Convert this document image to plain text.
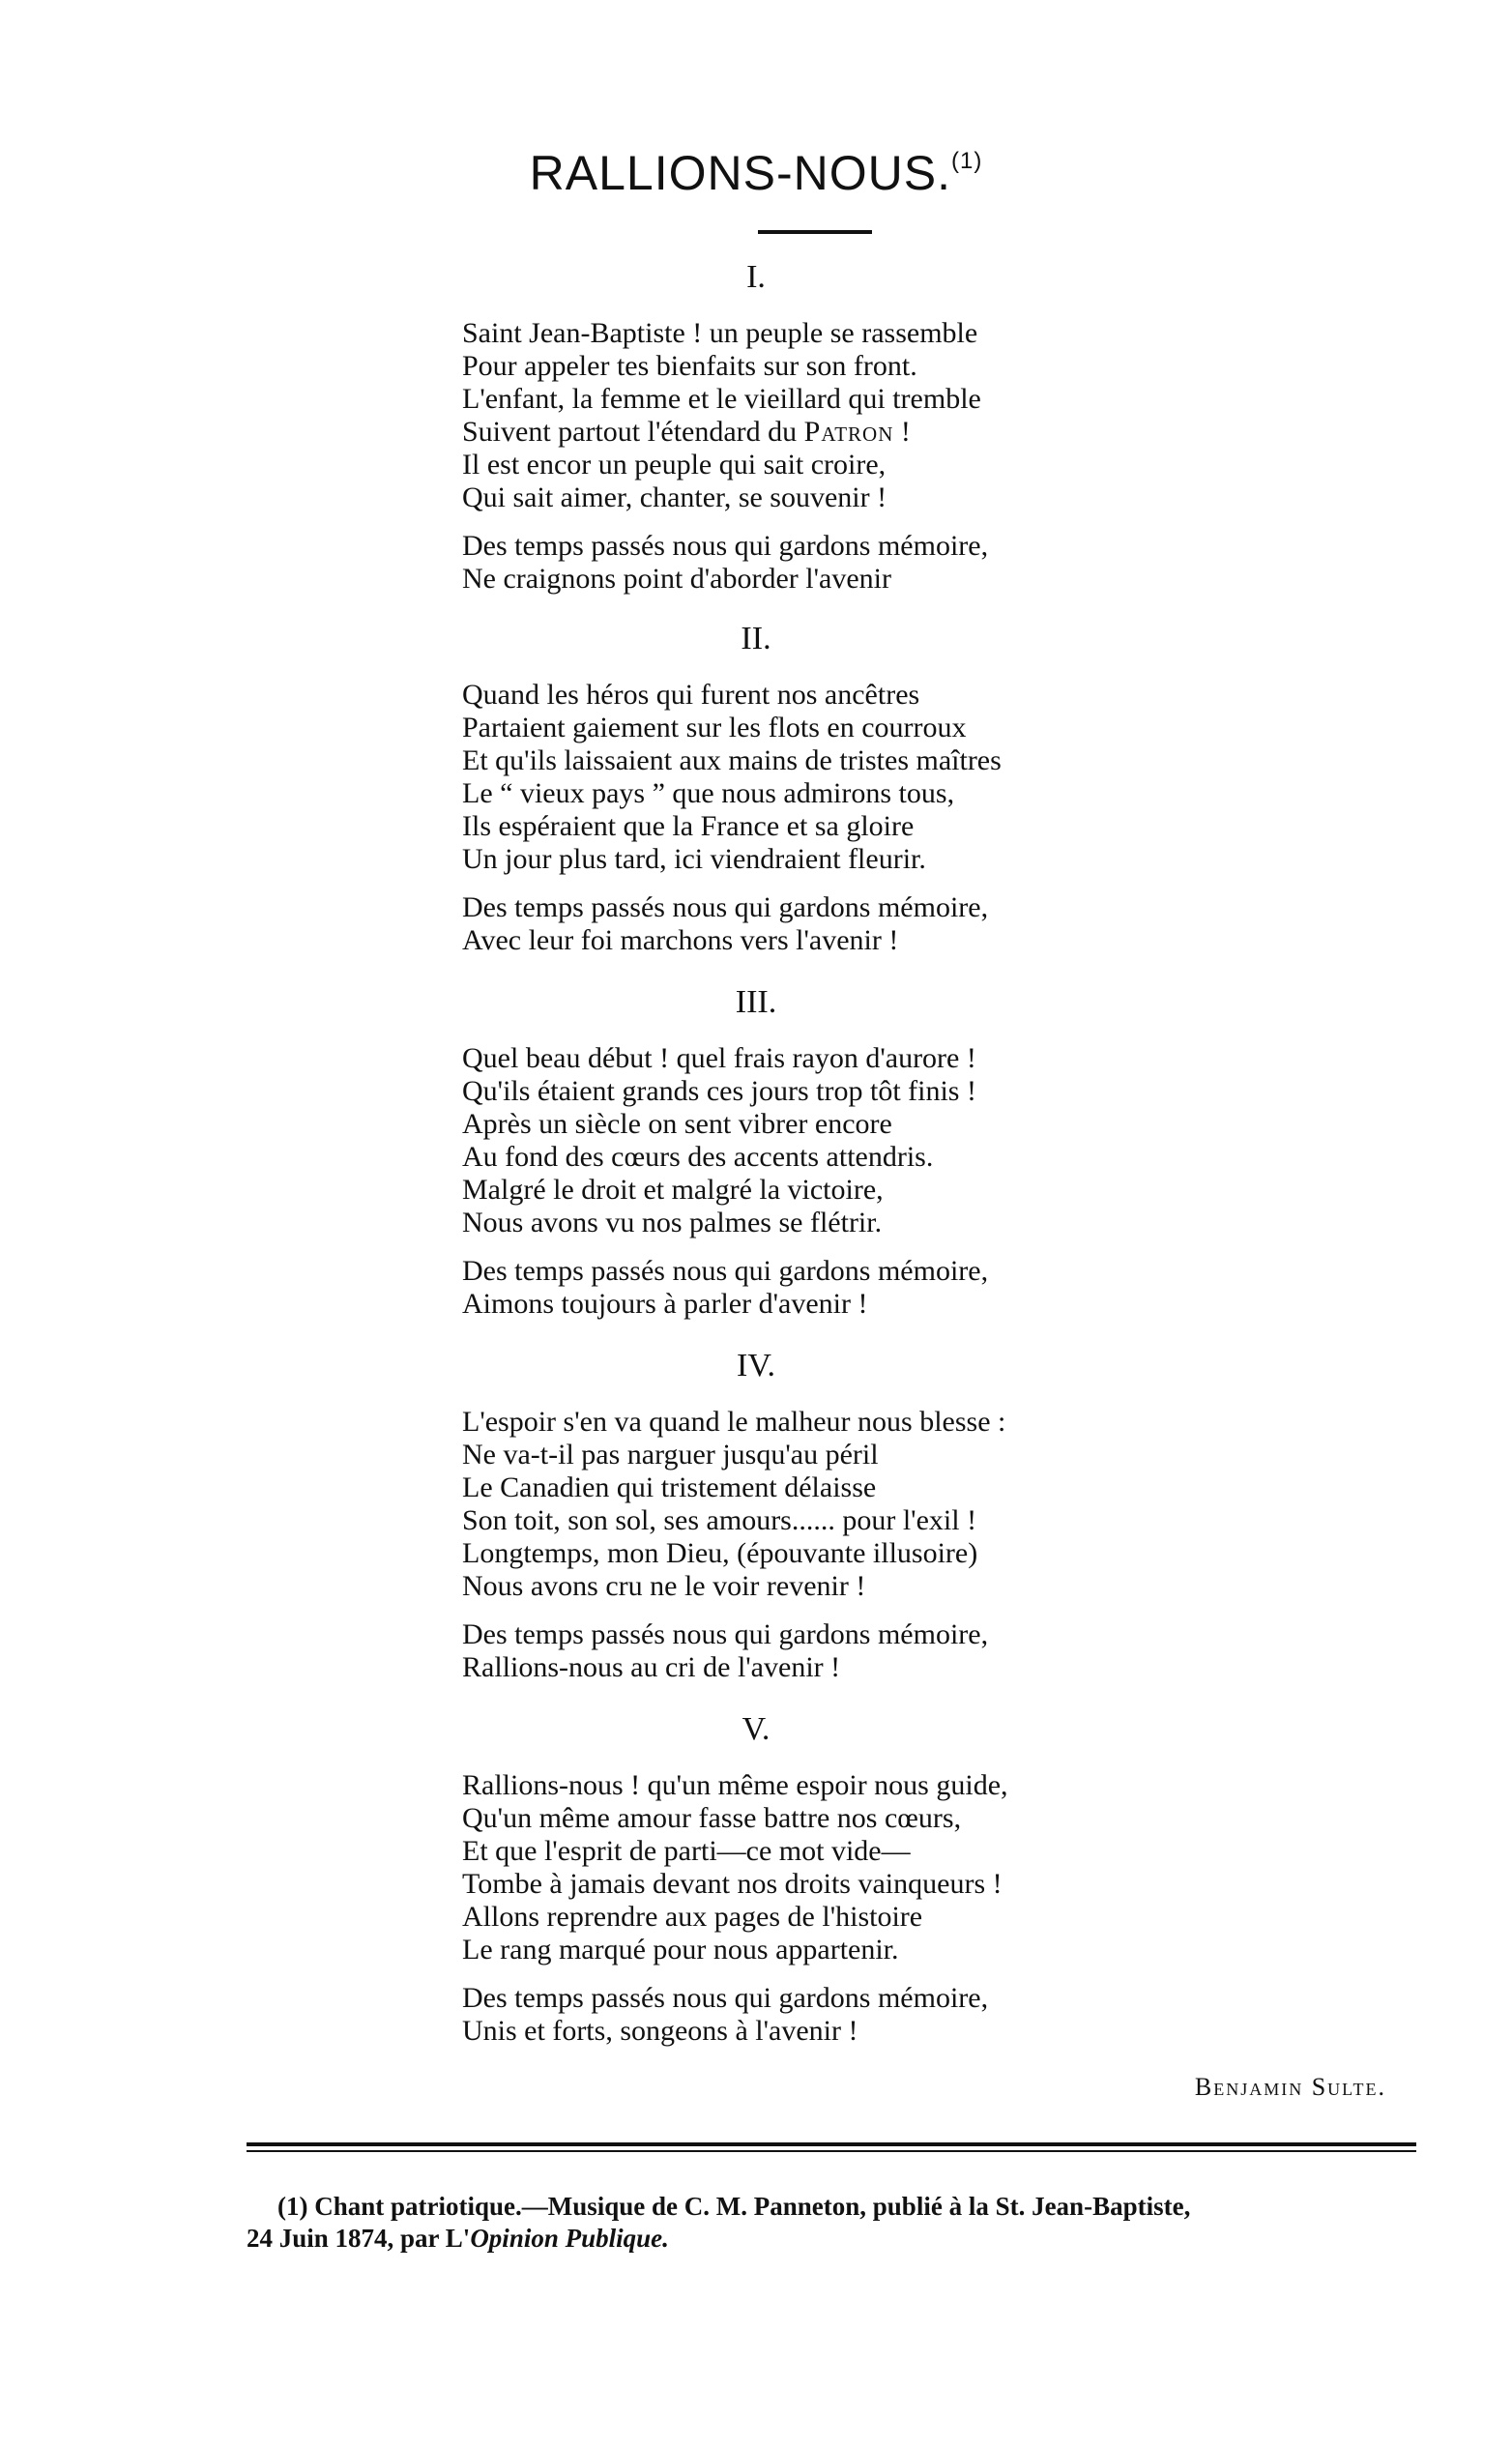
RALLIONS-NOUS.$^{(1)}$
I.
Saint Jean-Baptiste ! un peuple se rassemble
Pour appeler tes bienfaits sur son front.
L'enfant, la femme et le vieillard qui tremble
Suivent partout l'étendard du Patron !
Il est encor un peuple qui sait croire,
Qui sait aimer, chanter, se souvenir !
Des temps passés nous qui gardons mémoire,
Ne craignons point d'aborder l'avenir
II.
Quand les héros qui furent nos ancêtres
Partaient gaiement sur les flots en courroux
Et qu'ils laissaient aux mains de tristes maîtres
Le “ vieux pays ” que nous admirons tous,
Ils espéraient que la France et sa gloire
Un jour plus tard, ici viendraient fleurir.
Des temps passés nous qui gardons mémoire,
Avec leur foi marchons vers l'avenir !
III.
Quel beau début ! quel frais rayon d'aurore !
Qu'ils étaient grands ces jours trop tôt finis !
Après un siècle on sent vibrer encore
Au fond des cœurs des accents attendris.
Malgré le droit et malgré la victoire,
Nous avons vu nos palmes se flétrir.
Des temps passés nous qui gardons mémoire,
Aimons toujours à parler d'avenir !
IV.
L'espoir s'en va quand le malheur nous blesse :
Ne va-t-il pas narguer jusqu'au péril
Le Canadien qui tristement délaisse
Son toit, son sol, ses amours...... pour l'exil !
Longtemps, mon Dieu, (épouvante illusoire)
Nous avons cru ne le voir revenir !
Des temps passés nous qui gardons mémoire,
Rallions-nous au cri de l'avenir !
V.
Rallions-nous ! qu'un même espoir nous guide,
Qu'un même amour fasse battre nos cœurs,
Et que l'esprit de parti—ce mot vide—
Tombe à jamais devant nos droits vainqueurs !
Allons reprendre aux pages de l'histoire
Le rang marqué pour nous appartenir.
Des temps passés nous qui gardons mémoire,
Unis et forts, songeons à l'avenir !
Benjamin Sulte.
(1) Chant patriotique.—Musique de C. M. Panneton, publié à la St. Jean-Baptiste,
24 Juin 1874, par L'Opinion Publique.
